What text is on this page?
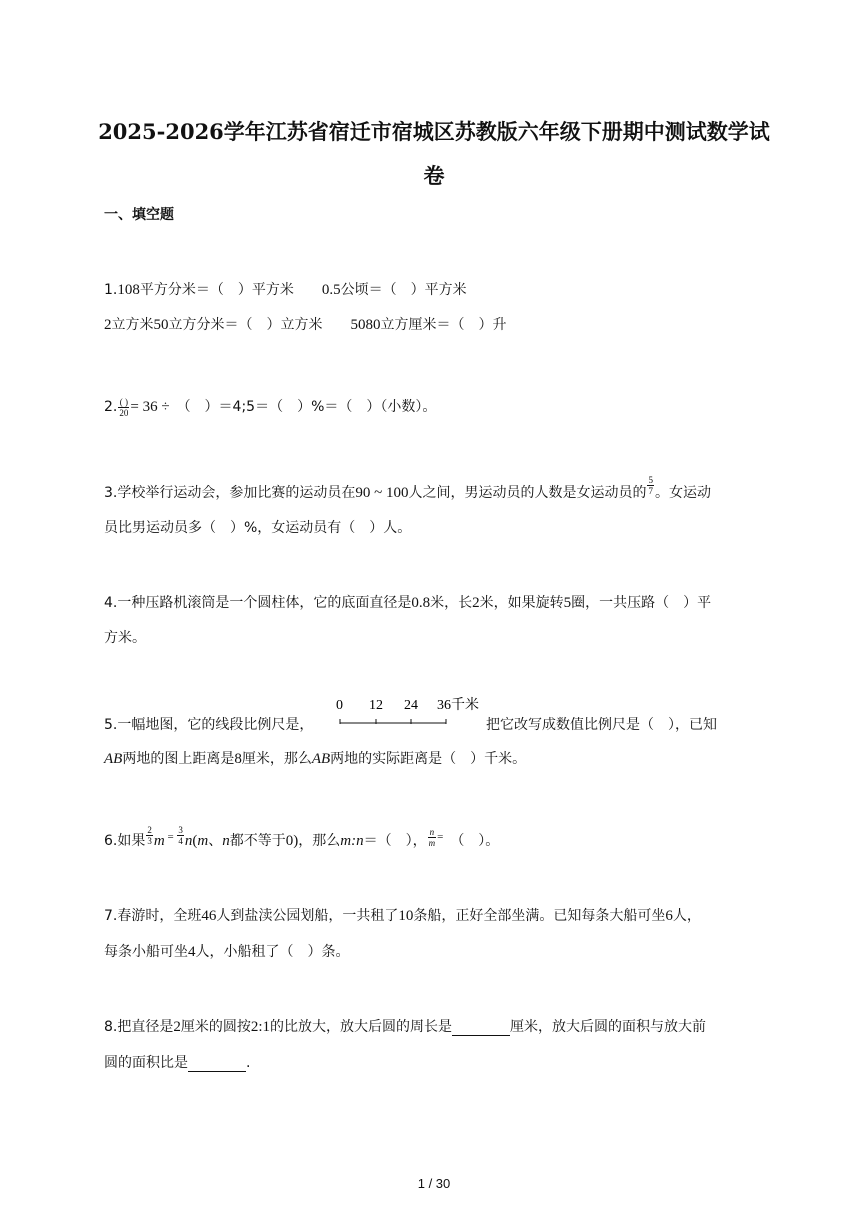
2025-2026学年江苏省宿迁市宿城区苏教版六年级下册期中测试数学试
卷
一、填空题
1.108平方分米＝（　）平方米　　0.5公顷＝（　）平方米
2立方米50立方分米＝（　）立方米　　5080立方厘米＝（　）升
2. $\frac{( )}{20} = 36$ ÷　 （　）＝4;5＝（　）%＝（　）（小数）。
3.学校举行运动会，参加比赛的运动员在90 ~ 100人之间，男运动员的人数是女运动员的 $\frac{5}{7}$ 。女运动
员比男运动员多（　）%，女运动员有（　）人。
4.一种压路机滚筒是一个圆柱体，它的底面直径是0.8米，长2米，如果旋转5圈，一共压路（　）平
方米。
5.一幅地图，它的线段比例尺是，
0 12 24 36千米
把它改写成数值比例尺是（　），已知
AB两地的图上距离是8厘米，那么AB两地的实际距离是（　）千米。
6.如果 $\frac{2}{3}$ m $^= \frac{3}{4} n(m$、n都不等于0)，那么m:n＝（　）， $\frac{n}{m} ^=$　 （　）。
7.春游时，全班46人到盐渎公园划船，一共租了10条船，正好全部坐满。已知每条大船可坐6人，
每条小船可坐4人，小船租了（　）条。
8.把直径是2厘米的圆按2:1的比放大，放大后圆的周长是	厘米，放大后圆的面积与放大前
圆的面积比是	.
1 / 30
